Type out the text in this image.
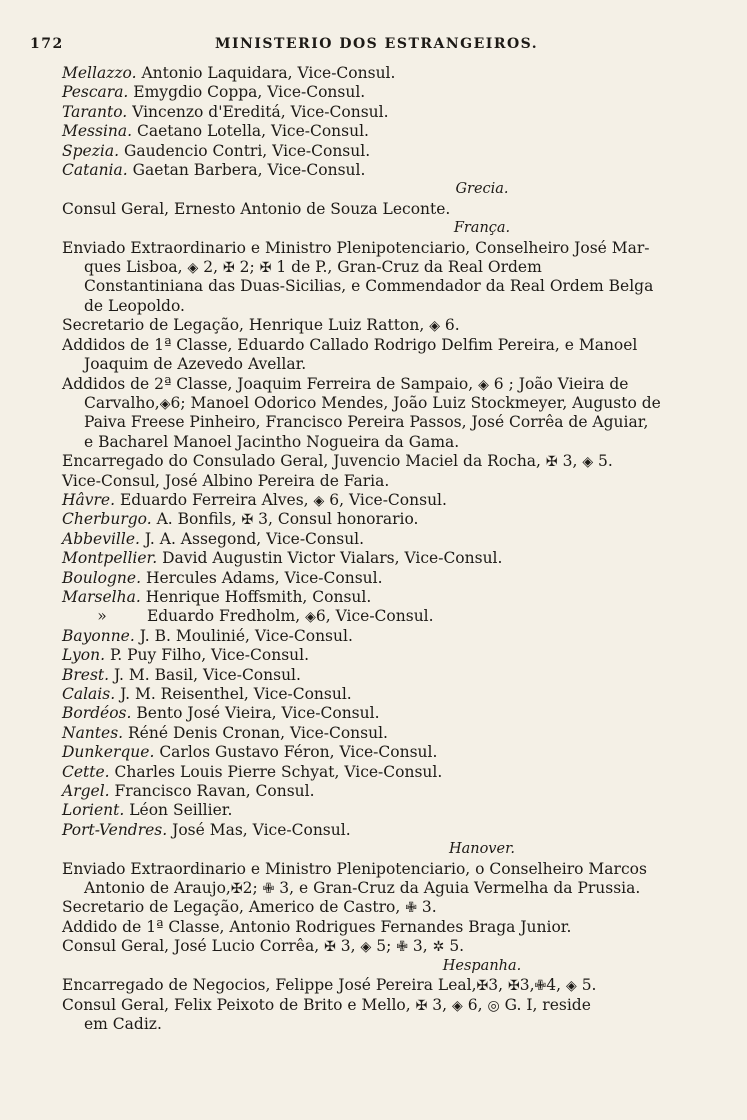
172	MINISTERIO DOS ESTRANGEIROS.
Mellazzo. Antonio Laquidara, Vice-Consul.
Pescara. Emygdio Coppa, Vice-Consul.
Taranto. Vincenzo d'Ereditá, Vice-Consul.
Messina. Caetano Lotella, Vice-Consul.
Spezia. Gaudencio Contri, Vice-Consul.
Catania. Gaetan Barbera, Vice-Consul.
Grecia.
Consul Geral, Ernesto Antonio de Souza Leconte.
França.
Enviado Extraordinario e Ministro Plenipotenciario, Conselheiro José Mar-
ques Lisboa, ◈ 2, ✠ 2; ✠ 1 de P., Gran-Cruz da Real Ordem
Constantiniana das Duas-Sicilias, e Commendador da Real Ordem Belga
de Leopoldo.
Secretario de Legação, Henrique Luiz Ratton, ◈ 6.
Addidos de 1ª Classe, Eduardo Callado Rodrigo Delfim Pereira, e Manoel
Joaquim de Azevedo Avellar.
Addidos de 2ª Classe, Joaquim Ferreira de Sampaio, ◈ 6 ; João Vieira de
Carvalho,◈6; Manoel Odorico Mendes, João Luiz Stockmeyer, Augusto de
Paiva Freese Pinheiro, Francisco Pereira Passos, José Corrêa de Aguiar,
e Bacharel Manoel Jacintho Nogueira da Gama.
Encarregado do Consulado Geral, Juvencio Maciel da Rocha, ✠ 3, ◈ 5.
Vice-Consul, José Albino Pereira de Faria.
Hâvre. Eduardo Ferreira Alves, ◈ 6, Vice-Consul.
Cherburgo. A. Bonfils, ✠ 3, Consul honorario.
Abbeville. J. A. Assegond, Vice-Consul.
Montpellier. David Augustin Victor Vialars, Vice-Consul.
Boulogne. Hercules Adams, Vice-Consul.
Marselha. Henrique Hoffsmith, Consul.
»	Eduardo Fredholm, ◈6, Vice-Consul.
Bayonne. J. B. Moulinié, Vice-Consul.
Lyon. P. Puy Filho, Vice-Consul.
Brest. J. M. Basil, Vice-Consul.
Calais. J. M. Reisenthel, Vice-Consul.
Bordéos. Bento José Vieira, Vice-Consul.
Nantes. Réné Denis Cronan, Vice-Consul.
Dunkerque. Carlos Gustavo Féron, Vice-Consul.
Cette. Charles Louis Pierre Schyat, Vice-Consul.
Argel. Francisco Ravan, Consul.
Lorient. Léon Seillier.
Port-Vendres. José Mas, Vice-Consul.
Hanover.
Enviado Extraordinario e Ministro Plenipotenciario, o Conselheiro Marcos
Antonio de Araujo,✠2; ✙ 3, e Gran-Cruz da Aguia Vermelha da Prussia.
Secretario de Legação, Americo de Castro, ✙ 3.
Addido de 1ª Classe, Antonio Rodrigues Fernandes Braga Junior.
Consul Geral, José Lucio Corrêa, ✠ 3, ◈ 5; ✙ 3, ✲ 5.
Hespanha.
Encarregado de Negocios, Felippe José Pereira Leal,✠3, ✠3,✙4, ◈ 5.
Consul Geral, Felix Peixoto de Brito e Mello, ✠ 3, ◈ 6, ◎ G. I, reside
em Cadiz.
